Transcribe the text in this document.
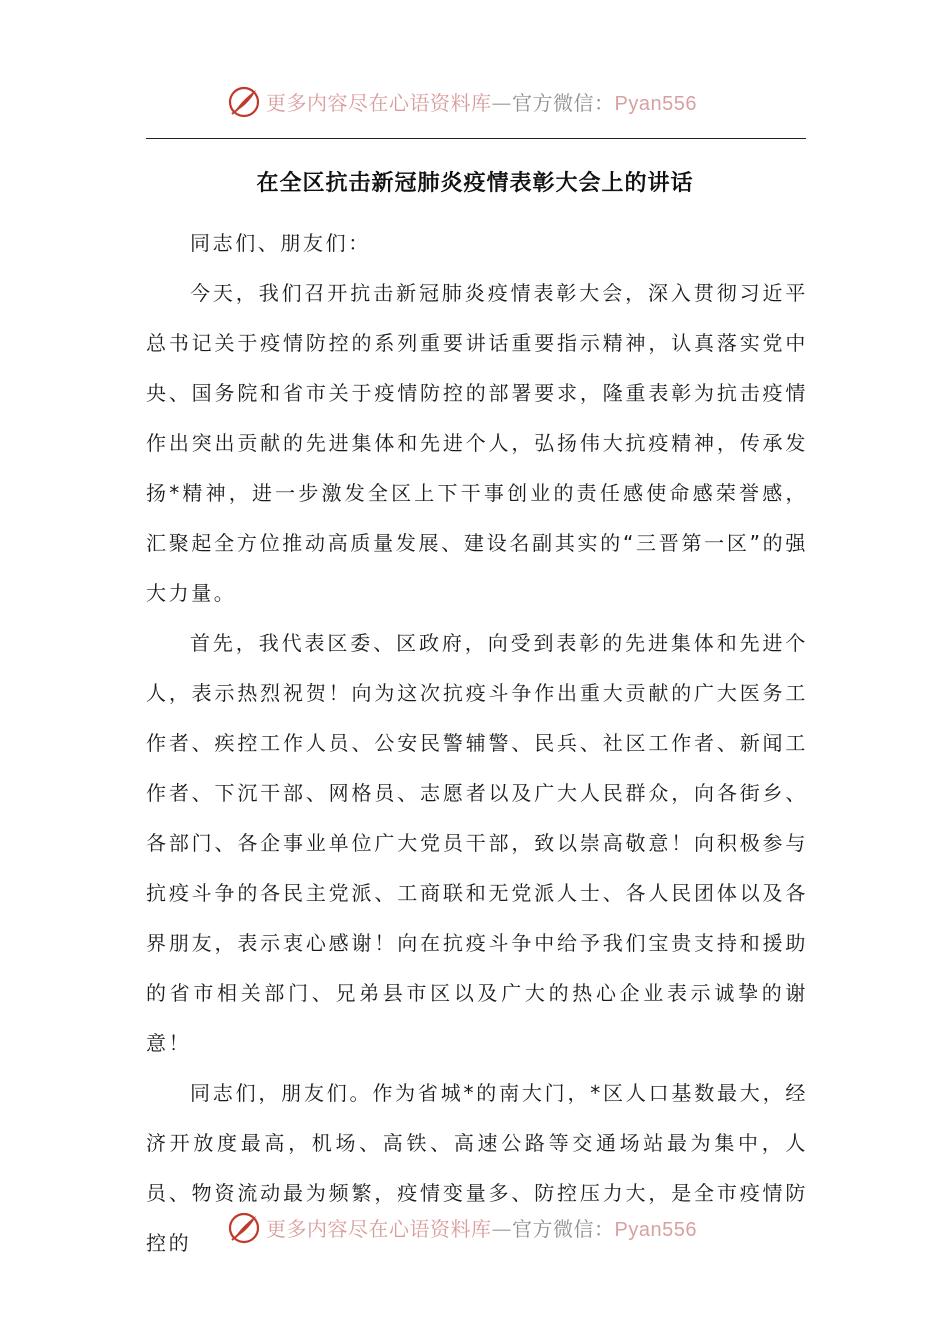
更多内容尽在心语资料库—官方微信：Pyan556
在全区抗击新冠肺炎疫情表彰大会上的讲话

同志们、朋友们：

今天，我们召开抗击新冠肺炎疫情表彰大会，深入贯彻习近平总书记关于疫情防控的系列重要讲话重要指示精神，认真落实党中央、国务院和省市关于疫情防控的部署要求，隆重表彰为抗击疫情作出突出贡献的先进集体和先进个人，弘扬伟大抗疫精神，传承发扬*精神，进一步激发全区上下干事创业的责任感使命感荣誉感，汇聚起全方位推动高质量发展、建设名副其实的“三晋第一区”的强大力量。

首先，我代表区委、区政府，向受到表彰的先进集体和先进个人，表示热烈祝贺！向为这次抗疫斗争作出重大贡献的广大医务工作者、疾控工作人员、公安民警辅警、民兵、社区工作者、新闻工作者、下沉干部、网格员、志愿者以及广大人民群众，向各街乡、各部门、各企事业单位广大党员干部，致以崇高敬意！向积极参与抗疫斗争的各民主党派、工商联和无党派人士、各人民团体以及各界朋友，表示衷心感谢！向在抗疫斗争中给予我们宝贵支持和援助的省市相关部门、兄弟县市区以及广大的热心企业表示诚挚的谢意！

同志们，朋友们。作为省城*的南大门，*区人口基数最大，经济开放度最高，机场、高铁、高速公路等交通场站最为集中，人员、物资流动最为频繁，疫情变量多、防控压力大，是全市疫情防控的

更多内容尽在心语资料库—官方微信：Pyan556
